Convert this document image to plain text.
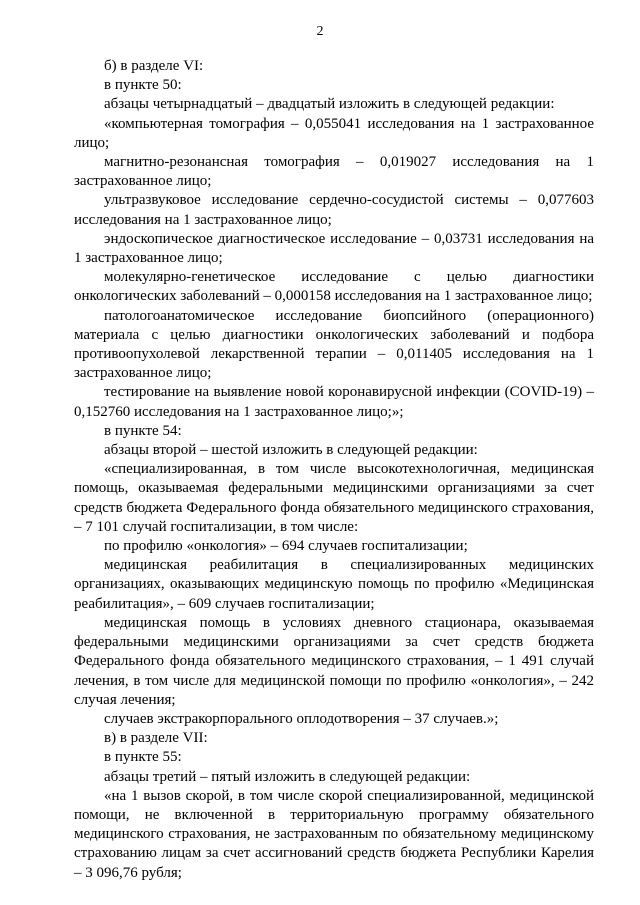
2

б) в разделе VI:

в пункте 50:

абзацы четырнадцатый – двадцатый изложить в следующей редакции:

«компьютерная томография – 0,055041 исследования на 1 застрахованное лицо;

магнитно-резонансная томография – 0,019027 исследования на 1 застрахованное лицо;

ультразвуковое исследование сердечно-сосудистой системы – 0,077603 исследования на 1 застрахованное лицо;

эндоскопическое диагностическое исследование – 0,03731 исследования на 1 застрахованное лицо;

молекулярно-генетическое исследование с целью диагностики онкологических заболеваний – 0,000158 исследования на 1 застрахованное лицо;

патологоанатомическое исследование биопсийного (операционного) материала с целью диагностики онкологических заболеваний и подбора противоопухолевой лекарственной терапии – 0,011405 исследования на 1 застрахованное лицо;

тестирование на выявление новой коронавирусной инфекции (COVID-19) – 0,152760 исследования на 1 застрахованное лицо;»;

в пункте 54:

абзацы второй – шестой изложить в следующей редакции:

«специализированная, в том числе высокотехнологичная, медицинская помощь, оказываемая федеральными медицинскими организациями за счет средств бюджета Федерального фонда обязательного медицинского страхования, – 7 101 случай госпитализации, в том числе:

по профилю «онкология» – 694 случаев госпитализации;

медицинская реабилитация в специализированных медицинских организациях, оказывающих медицинскую помощь по профилю «Медицинская реабилитация», – 609 случаев госпитализации;

медицинская помощь в условиях дневного стационара, оказываемая федеральными медицинскими организациями за счет средств бюджета Федерального фонда обязательного медицинского страхования, – 1 491 случай лечения, в том числе для медицинской помощи по профилю «онкология», – 242 случая лечения;

случаев экстракорпорального оплодотворения – 37 случаев.»;

в) в разделе VII:

в пункте 55:

абзацы третий – пятый изложить в следующей редакции:

«на 1 вызов скорой, в том числе скорой специализированной, медицинской помощи, не включенной в территориальную программу обязательного медицинского страхования, не застрахованным по обязательному медицинскому страхованию лицам за счет ассигнований средств бюджета Республики Карелия – 3 096,76 рубля;
